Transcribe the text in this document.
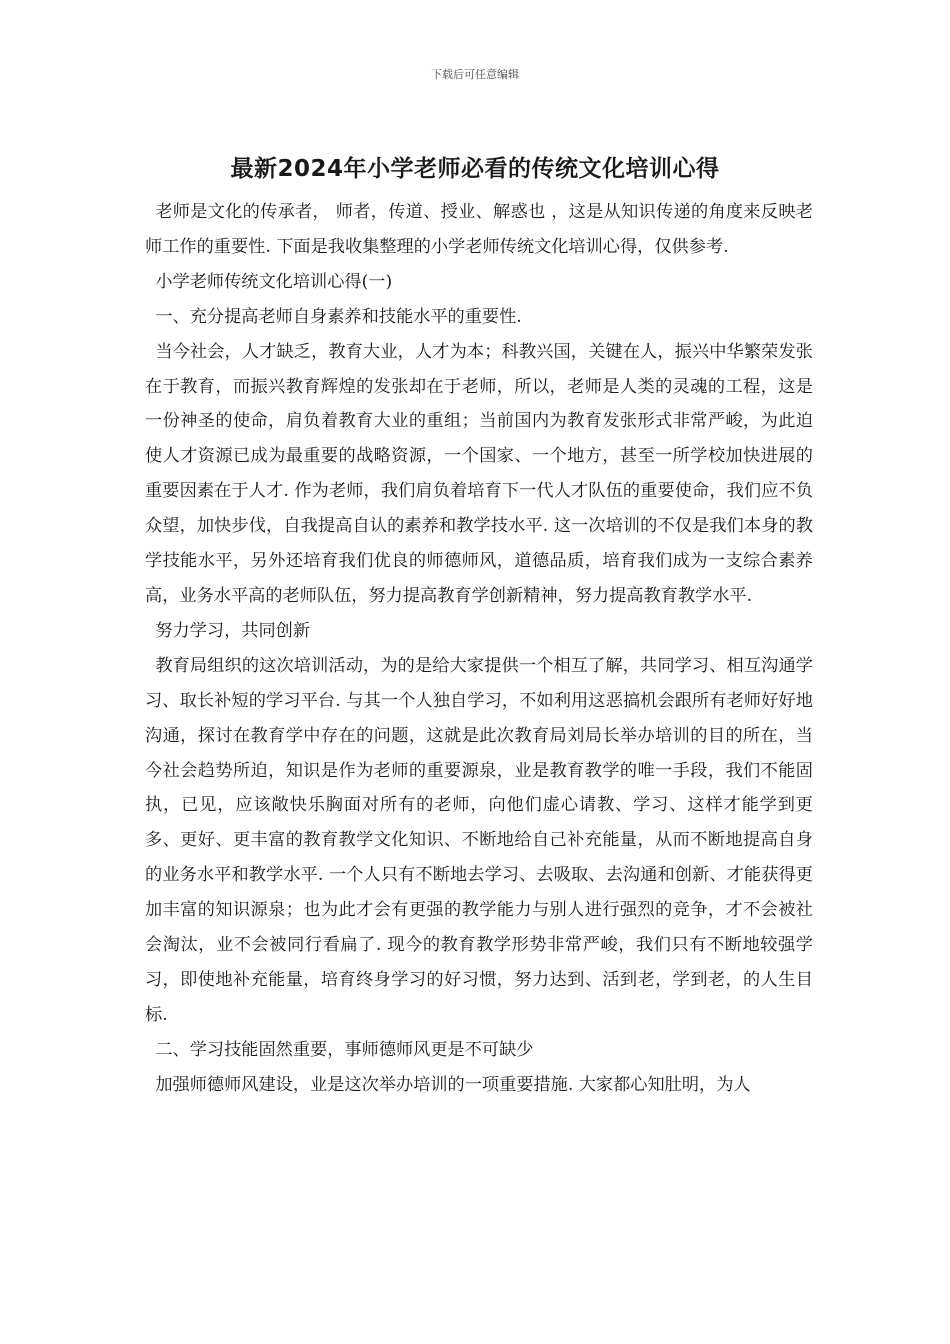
下载后可任意编辑
最新2024年小学老师必看的传统文化培训心得

老师是文化的传承者， 师者，传道、授业、解惑也 ，这是从知识传递的角度来反映老师工作的重要性. 下面是我收集整理的小学老师传统文化培训心得，仅供参考.

小学老师传统文化培训心得(一)

一、充分提高老师自身素养和技能水平的重要性.

当今社会，人才缺乏，教育大业，人才为本；科教兴国，关键在人，振兴中华繁荣发张在于教育，而振兴教育辉煌的发张却在于老师，所以，老师是人类的灵魂的工程，这是一份神圣的使命，肩负着教育大业的重组；当前国内为教育发张形式非常严峻，为此迫使人才资源已成为最重要的战略资源，一个国家、一个地方，甚至一所学校加快进展的重要因素在于人才. 作为老师，我们肩负着培育下一代人才队伍的重要使命，我们应不负众望，加快步伐，自我提高自认的素养和教学技水平. 这一次培训的不仅是我们本身的教学技能水平，另外还培育我们优良的师德师风，道德品质，培育我们成为一支综合素养高，业务水平高的老师队伍，努力提高教育学创新精神，努力提高教育教学水平.

努力学习，共同创新

教育局组织的这次培训活动，为的是给大家提供一个相互了解，共同学习、相互沟通学习、取长补短的学习平台. 与其一个人独自学习，不如利用这恶搞机会跟所有老师好好地沟通，探讨在教育学中存在的问题，这就是此次教育局刘局长举办培训的目的所在，当今社会趋势所迫，知识是作为老师的重要源泉，业是教育教学的唯一手段，我们不能固执，已见，应该敞快乐胸面对所有的老师，向他们虚心请教、学习、这样才能学到更多、更好、更丰富的教育教学文化知识、不断地给自己补充能量，从而不断地提高自身的业务水平和教学水平. 一个人只有不断地去学习、去吸取、去沟通和创新、才能获得更加丰富的知识源泉；也为此才会有更强的教学能力与别人进行强烈的竞争，才不会被社会淘汰，业不会被同行看扁了. 现今的教育教学形势非常严峻，我们只有不断地较强学习，即使地补充能量，培育终身学习的好习惯，努力达到、活到老，学到老，的人生目标.

二、学习技能固然重要，事师德师风更是不可缺少

加强师德师风建设，业是这次举办培训的一项重要措施. 大家都心知肚明，为人
